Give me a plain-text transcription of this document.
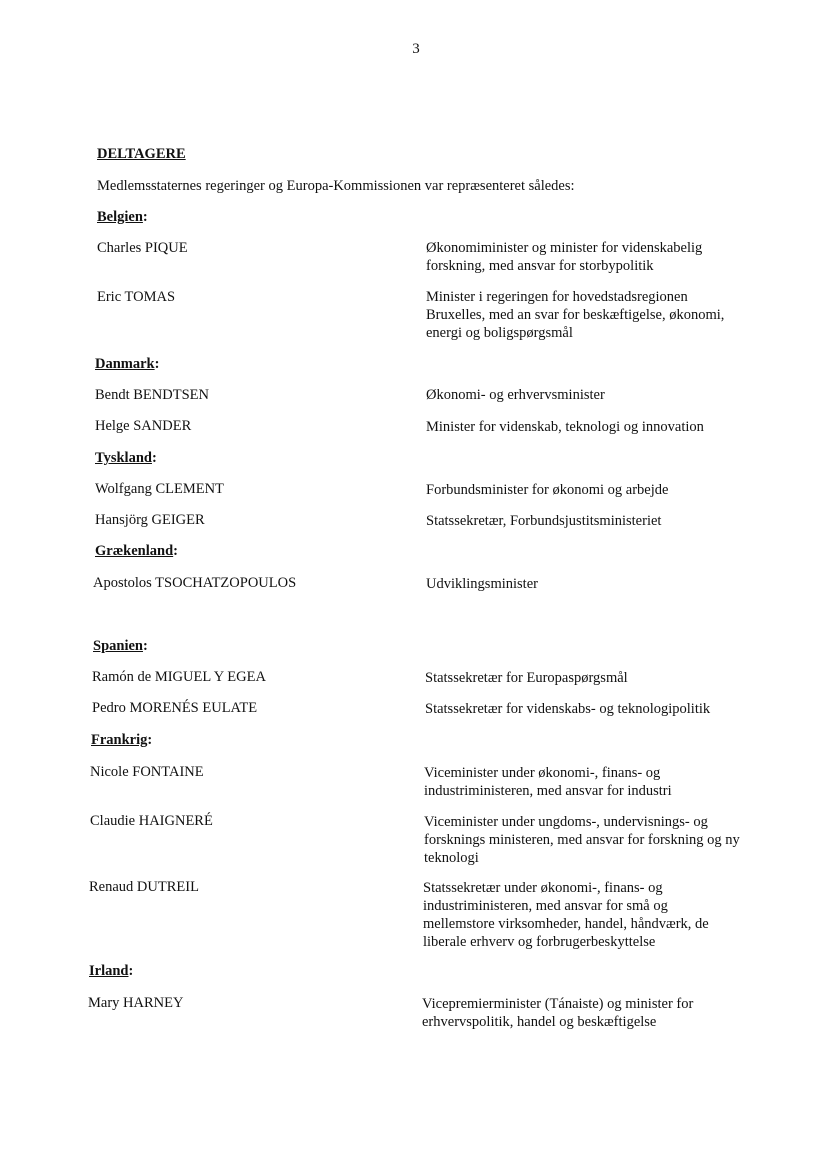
3
DELTAGERE
Medlemsstaternes regeringer og Europa-Kommissionen var repræsenteret således:
Belgien:
Charles PIQUE	Økonomiminister og minister for videnskabelig
forskning, med ansvar for storbypolitik
Eric TOMAS	Minister i regeringen for hovedstadsregionen
Bruxelles, med an svar for beskæftigelse, økonomi,
energi og boligspørgsmål
Danmark:
Bendt BENDTSEN	Økonomi- og erhvervsminister
Helge SANDER	Minister for videnskab, teknologi og innovation
Tyskland:
Wolfgang CLEMENT	Forbundsminister for økonomi og arbejde
Hansjörg GEIGER	Statssekretær, Forbundsjustitsministeriet
Grækenland:
Apostolos TSOCHATZOPOULOS	Udviklingsminister
Spanien:
Ramón de MIGUEL Y EGEA	Statssekretær for Europaspørgsmål
Pedro MORENÉS EULATE	Statssekretær for videnskabs- og teknologipolitik
Frankrig:
Nicole FONTAINE	Viceminister under økonomi-, finans- og
industriministeren, med ansvar for industri
Claudie HAIGNERÉ	Viceminister under ungdoms-, undervisnings- og
forsknings ministeren, med ansvar for forskning og ny
teknologi
Renaud DUTREIL	Statssekretær under økonomi-, finans- og
industriministeren, med ansvar for små og
mellemstore virksomheder, handel, håndværk, de
liberale erhverv og forbrugerbeskyttelse
Irland:
Mary HARNEY	Vicepremierminister (Tánaiste) og minister for
erhvervspolitik, handel og beskæftigelse
